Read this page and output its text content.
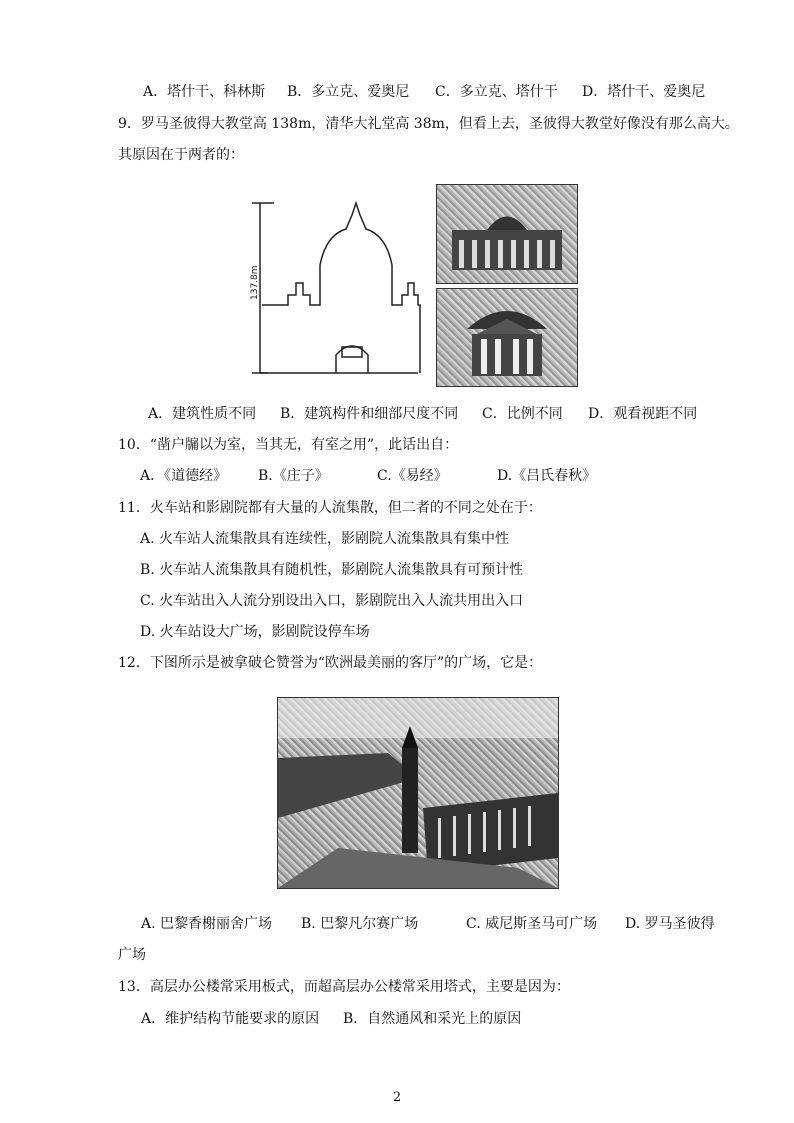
A．塔什干、科林斯 B．多立克、爱奥尼 C．多立克、塔什干 D．塔什干、爱奥尼
9．罗马圣彼得大教堂高 138m，清华大礼堂高 38m，但看上去，圣彼得大教堂好像没有那么高大。
其原因在于两者的：
137.8m
A．建筑性质不同 B．建筑构件和细部尺度不同 C．比例不同 D．观看视距不同
10．“凿户牖以为室，当其无，有室之用”，此话出自：
A．《道德经》 B.《庄子》	C.《易经》	D.《吕氏春秋》
11．火车站和影剧院都有大量的人流集散，但二者的不同之处在于：
A. 火车站人流集散具有连续性，影剧院人流集散具有集中性
B. 火车站人流集散具有随机性，影剧院人流集散具有可预计性
C. 火车站出入人流分别设出入口，影剧院出入人流共用出入口
D. 火车站设大广场，影剧院设停车场
12．下图所示是被拿破仑赞誉为“欧洲最美丽的客厅”的广场，它是：
A. 巴黎香榭丽舍广场 B. 巴黎凡尔赛广场	C. 威尼斯圣马可广场 D. 罗马圣彼得
广场
13．高层办公楼常采用板式，而超高层办公楼常采用塔式，主要是因为：
A．维护结构节能要求的原因 B．自然通风和采光上的原因
2
